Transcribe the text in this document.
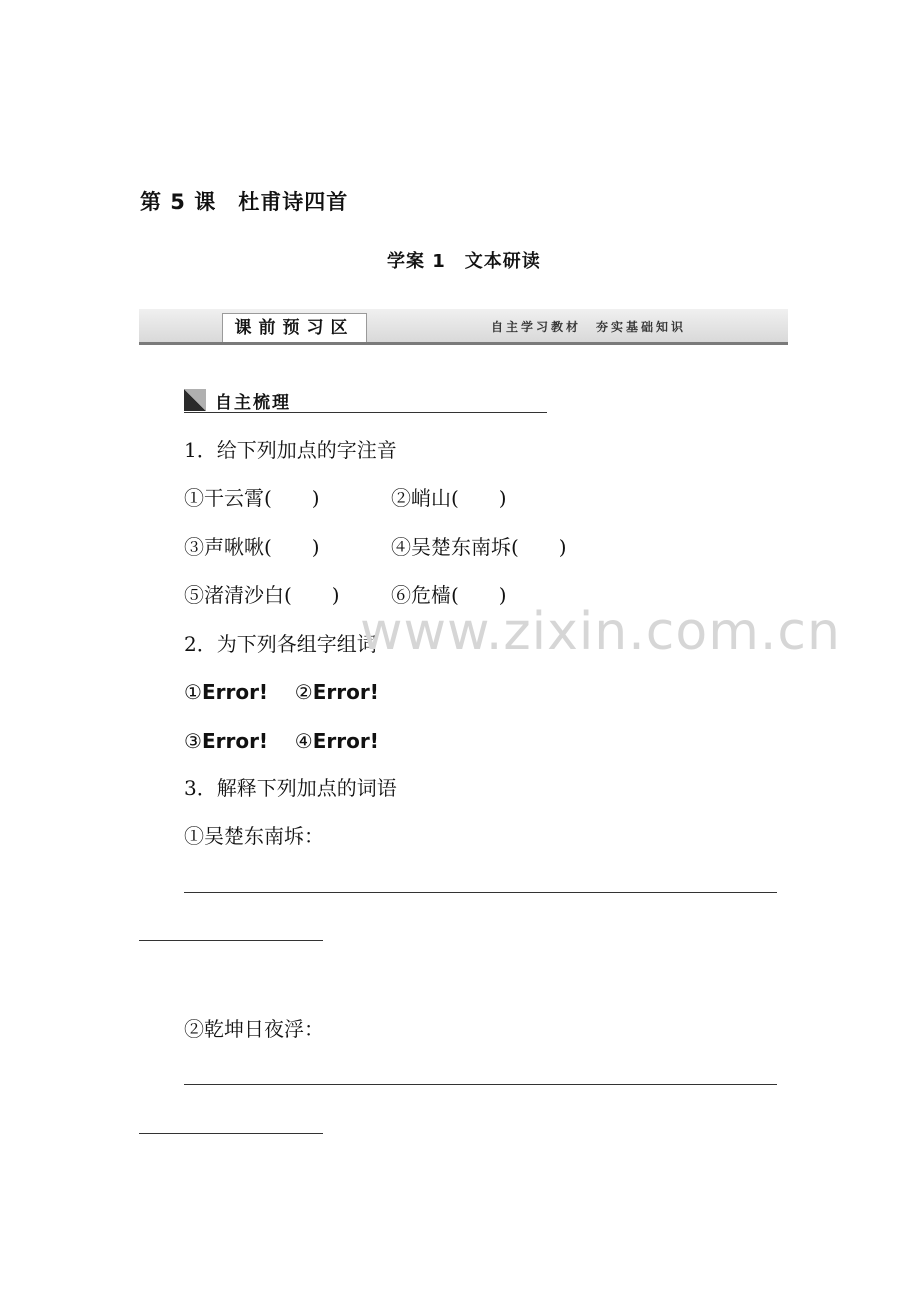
第 5 课　杜甫诗四首
学案 1　文本研读
课前预习区	自主学习教材　夯实基础知识
自主梳理
1．给下列加点的字注音
①干云霄(　　)	②峭山(　　)
③声啾啾(　　)	④吴楚东南坼(　　)
⑤渚清沙白(　　)	⑥危樯(　　)
2．为下列各组字组词
①Error! ②Error!
③Error! ④Error!
3．解释下列加点的词语
①吴楚东南坼：
②乾坤日夜浮：
www.zixin.com.cn
